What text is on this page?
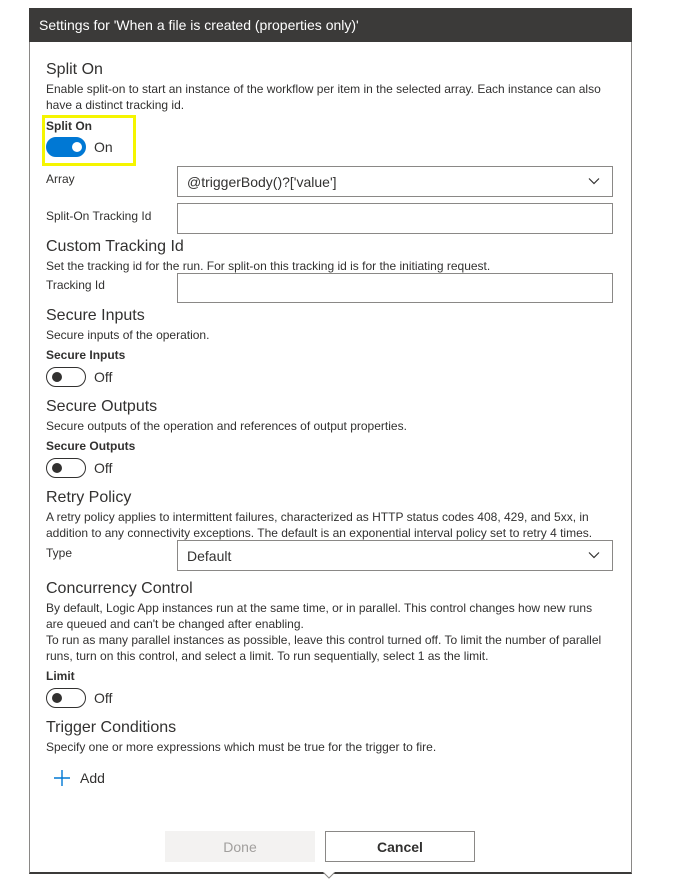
Settings for 'When a file is created (properties only)'
Split On
Enable split-on to start an instance of the workflow per item in the selected array. Each instance can also have a distinct tracking id.
Split On
On
Array	@triggerBody()?['value']
Split-On Tracking Id
Custom Tracking Id
Set the tracking id for the run. For split-on this tracking id is for the initiating request.
Tracking Id
Secure Inputs
Secure inputs of the operation.
Secure Inputs
Off
Secure Outputs
Secure outputs of the operation and references of output properties.
Secure Outputs
Off
Retry Policy
A retry policy applies to intermittent failures, characterized as HTTP status codes 408, 429, and 5xx, in addition to any connectivity exceptions. The default is an exponential interval policy set to retry 4 times.
Type	Default
Concurrency Control
By default, Logic App instances run at the same time, or in parallel. This control changes how new runs are queued and can't be changed after enabling.
To run as many parallel instances as possible, leave this control turned off. To limit the number of parallel runs, turn on this control, and select a limit. To run sequentially, select 1 as the limit.
Limit
Off
Trigger Conditions
Specify one or more expressions which must be true for the trigger to fire.
Add
Done	Cancel
